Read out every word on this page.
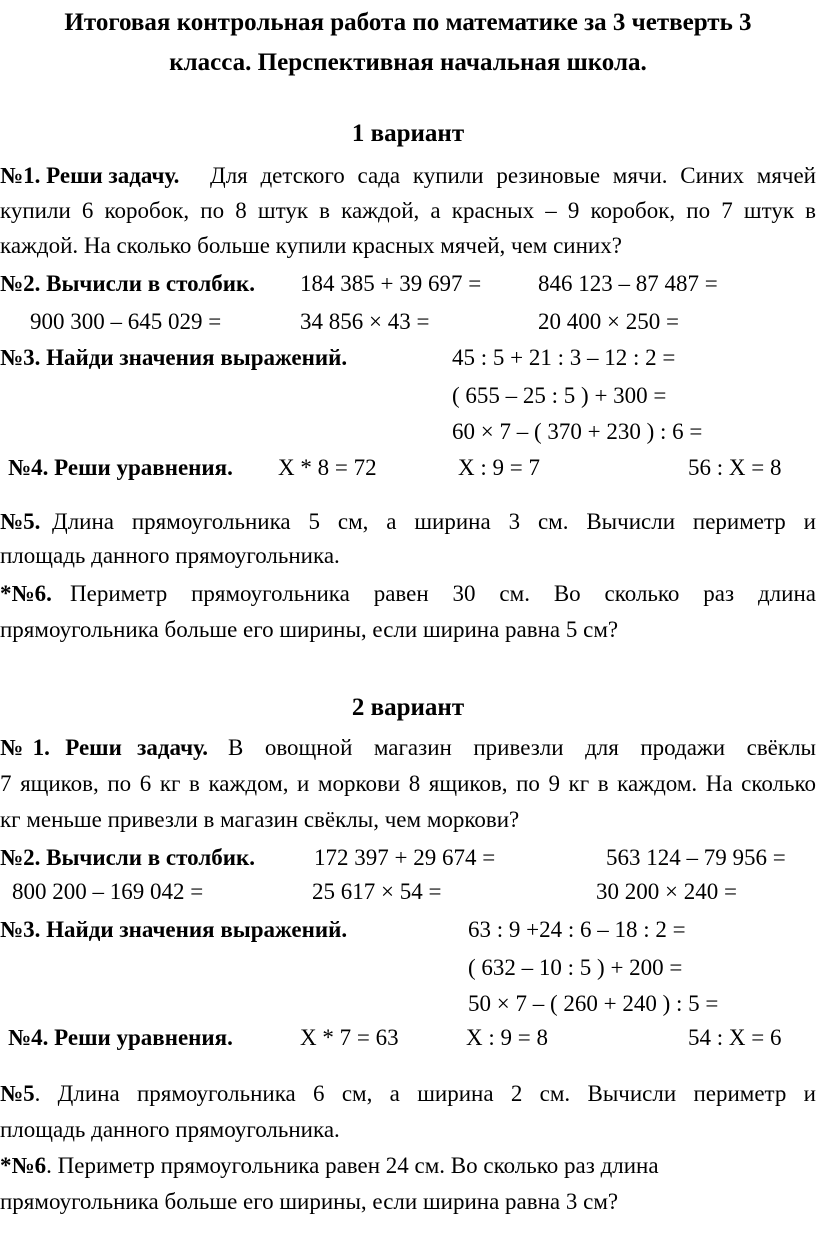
Итоговая контрольная работа по математике за 3 четверть 3
класса. Перспективная начальная школа.
1 вариант
№1. Реши задачу. Для детского сада купили резиновые мячи. Синих мячей
купили 6 коробок, по 8 штук в каждой, а красных – 9 коробок, по 7 штук в
каждой. На сколько больше купили красных мячей, чем синих?
№2. Вычисли в столбик. 184 385 + 39 697 = 846 123 – 87 487 =
900 300 – 645 029 =	34 856 × 43 =	20 400 × 250 =
№3. Найди значения выражений.	45 : 5 + 21 : 3 – 12 : 2 =
( 655 – 25 : 5 ) + 300 =
60 × 7 – ( 370 + 230 ) : 6 =
№4. Реши уравнения. Х * 8 = 72	Х : 9 = 7	56 : Х = 8
№5. Длина прямоугольника 5 см, а ширина 3 см. Вычисли периметр и
площадь данного прямоугольника.
*№6. Периметр прямоугольника равен 30 см. Во сколько раз длина
прямоугольника больше его ширины, если ширина равна 5 см?
2 вариант
№1. Реши задачу. В овощной магазин привезли для продажи свёклы
7 ящиков, по 6 кг в каждом, и моркови 8 ящиков, по 9 кг в каждом. На сколько
кг меньше привезли в магазин свёклы, чем моркови?
№2. Вычисли в столбик.	172 397 + 29 674 =	563 124 – 79 956 =
800 200 – 169 042 =	25 617 × 54 =	30 200 × 240 =
№3. Найди значения выражений.	63 : 9 +24 : 6 – 18 : 2 =
( 632 – 10 : 5 ) + 200 =
50 × 7 – ( 260 + 240 ) : 5 =
№4. Реши уравнения.	Х * 7 = 63	Х : 9 = 8	54 : Х = 6
№5 . Длина прямоугольника 6 см, а ширина 2 см. Вычисли периметр и
площадь данного прямоугольника.
*№6. Периметр прямоугольника равен 24 см. Во сколько раз длина
прямоугольника больше его ширины, если ширина равна 3 см?
